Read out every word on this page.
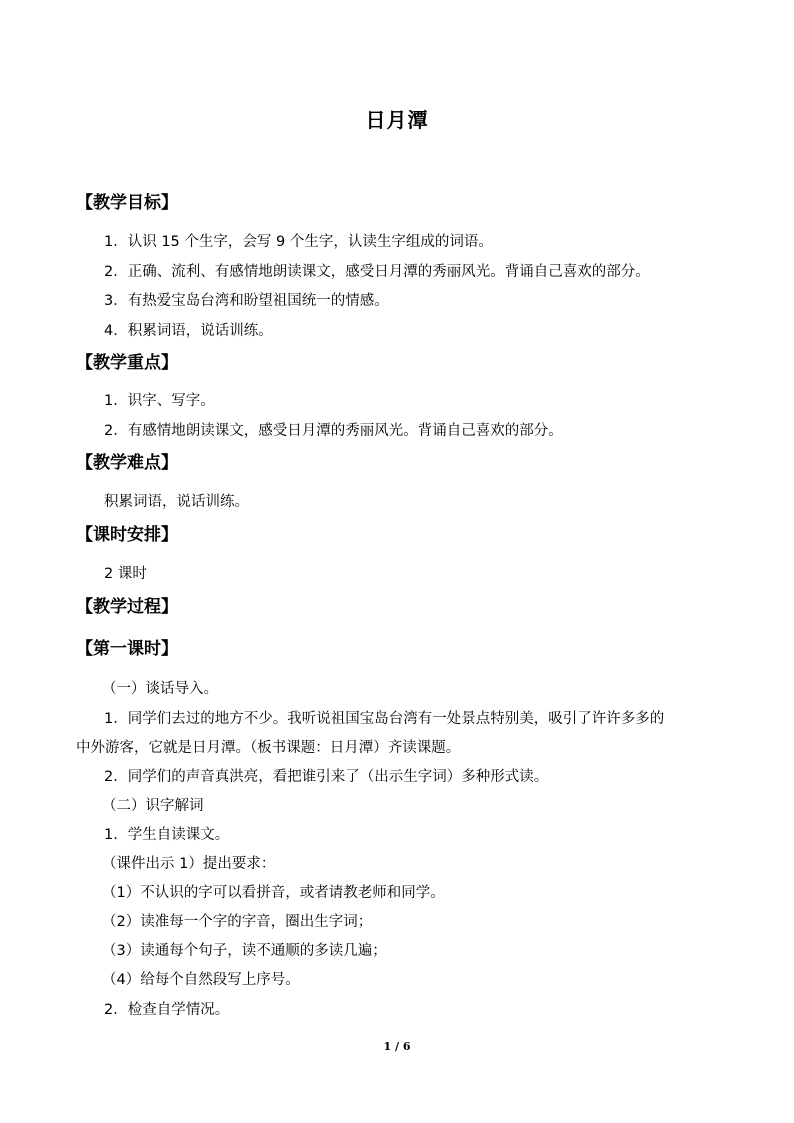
日月潭
【教学目标】
1．认识 15 个生字，会写 9 个生字，认读生字组成的词语。
2．正确、流利、有感情地朗读课文，感受日月潭的秀丽风光。背诵自己喜欢的部分。
3．有热爱宝岛台湾和盼望祖国统一的情感。
4．积累词语，说话训练。
【教学重点】
1．识字、写字。
2．有感情地朗读课文，感受日月潭的秀丽风光。背诵自己喜欢的部分。
【教学难点】
积累词语，说话训练。
【课时安排】
2 课时
【教学过程】
【第一课时】
（一）谈话导入。
1．同学们去过的地方不少。我听说祖国宝岛台湾有一处景点特别美，吸引了许许多多的
中外游客，它就是日月潭。（板书课题：日月潭）齐读课题。
2．同学们的声音真洪亮，看把谁引来了（出示生字词）多种形式读。
（二）识字解词
1．学生自读课文。
（课件出示 1）提出要求：
（1）不认识的字可以看拼音，或者请教老师和同学。
（2）读准每一个字的字音，圈出生字词；
（3）读通每个句子，读不通顺的多读几遍；
（4）给每个自然段写上序号。
2．检查自学情况。
1 / 6
